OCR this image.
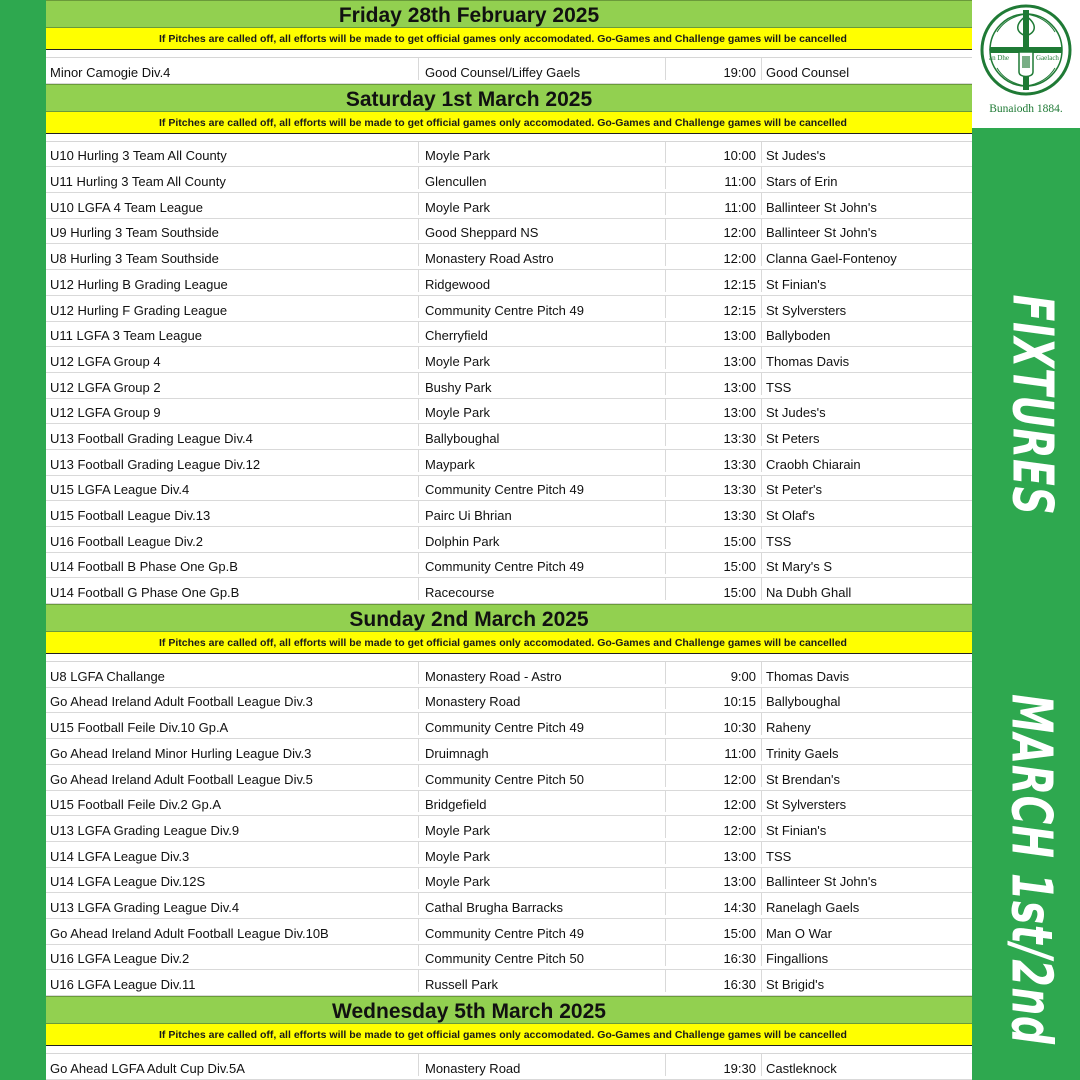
Friday 28th February 2025
If Pitches are called off, all efforts will be made to get official games only accomodated. Go-Games and Challenge games will be cancelled
Minor Camogie Div.4	Good Counsel/Liffey Gaels	19:00 Good Counsel
Saturday 1st March 2025
If Pitches are called off, all efforts will be made to get official games only accomodated. Go-Games and Challenge games will be cancelled
U10 Hurling 3 Team All County	Moyle Park	10:00 St Judes's
U11 Hurling 3 Team All County	Glencullen	11:00 Stars of Erin
U10 LGFA 4 Team League	Moyle Park	11:00 Ballinteer St John's
U9 Hurling 3 Team Southside	Good Sheppard NS	12:00 Ballinteer St John's
U8 Hurling 3 Team Southside	Monastery Road Astro	12:00 Clanna Gael-Fontenoy
U12 Hurling B Grading League	Ridgewood	12:15 St Finian's
U12 Hurling F Grading League	Community Centre Pitch 49	12:15 St Sylversters
U11 LGFA 3 Team League	Cherryfield	13:00 Ballyboden
U12 LGFA Group 4	Moyle Park	13:00 Thomas Davis
U12 LGFA Group 2	Bushy Park	13:00 TSS
U12 LGFA Group 9	Moyle Park	13:00 St Judes's
U13 Football Grading League Div.4	Ballyboughal	13:30 St Peters
U13 Football Grading League Div.12	Maypark	13:30 Craobh Chiarain
U15 LGFA League Div.4	Community Centre Pitch 49	13:30 St Peter's
U15 Football League Div.13	Pairc Ui Bhrian	13:30 St Olaf's
U16 Football League Div.2	Dolphin Park	15:00 TSS
U14 Football B Phase One Gp.B	Community Centre Pitch 49	15:00 St Mary's S
U14 Football G Phase One Gp.B	Racecourse	15:00 Na Dubh Ghall
Sunday 2nd March 2025
If Pitches are called off, all efforts will be made to get official games only accomodated. Go-Games and Challenge games will be cancelled
U8 LGFA Challange	Monastery Road - Astro	9:00 Thomas Davis
Go Ahead Ireland Adult Football League Div.3	Monastery Road	10:15 Ballyboughal
U15 Football Feile Div.10 Gp.A	Community Centre Pitch 49	10:30 Raheny
Go Ahead Ireland Minor Hurling League Div.3	Druimnagh	11:00 Trinity Gaels
Go Ahead Ireland Adult Football League Div.5	Community Centre Pitch 50	12:00 St Brendan's
U15 Football Feile Div.2 Gp.A	Bridgefield	12:00 St Sylversters
U13 LGFA Grading League Div.9	Moyle Park	12:00 St Finian's
U14 LGFA League Div.3	Moyle Park	13:00 TSS
U14 LGFA League Div.12S	Moyle Park	13:00 Ballinteer St John's
U13 LGFA Grading League Div.4	Cathal Brugha Barracks	14:30 Ranelagh Gaels
Go Ahead Ireland Adult Football League Div.10B	Community Centre Pitch 49	15:00 Man O War
U16 LGFA League Div.2	Community Centre Pitch 50	16:30 Fingallions
U16 LGFA League Div.11	Russell Park	16:30 St Brigid's
Wednesday 5th March 2025
If Pitches are called off, all efforts will be made to get official games only accomodated. Go-Games and Challenge games will be cancelled
Go Ahead LGFA Adult Cup Div.5A	Monastery Road	19:30 Castleknock
Bunaiodh 1884.
Cumann an Dhe
Cluiche Gaelach
FIXTURES
MARCH 1st/2nd
